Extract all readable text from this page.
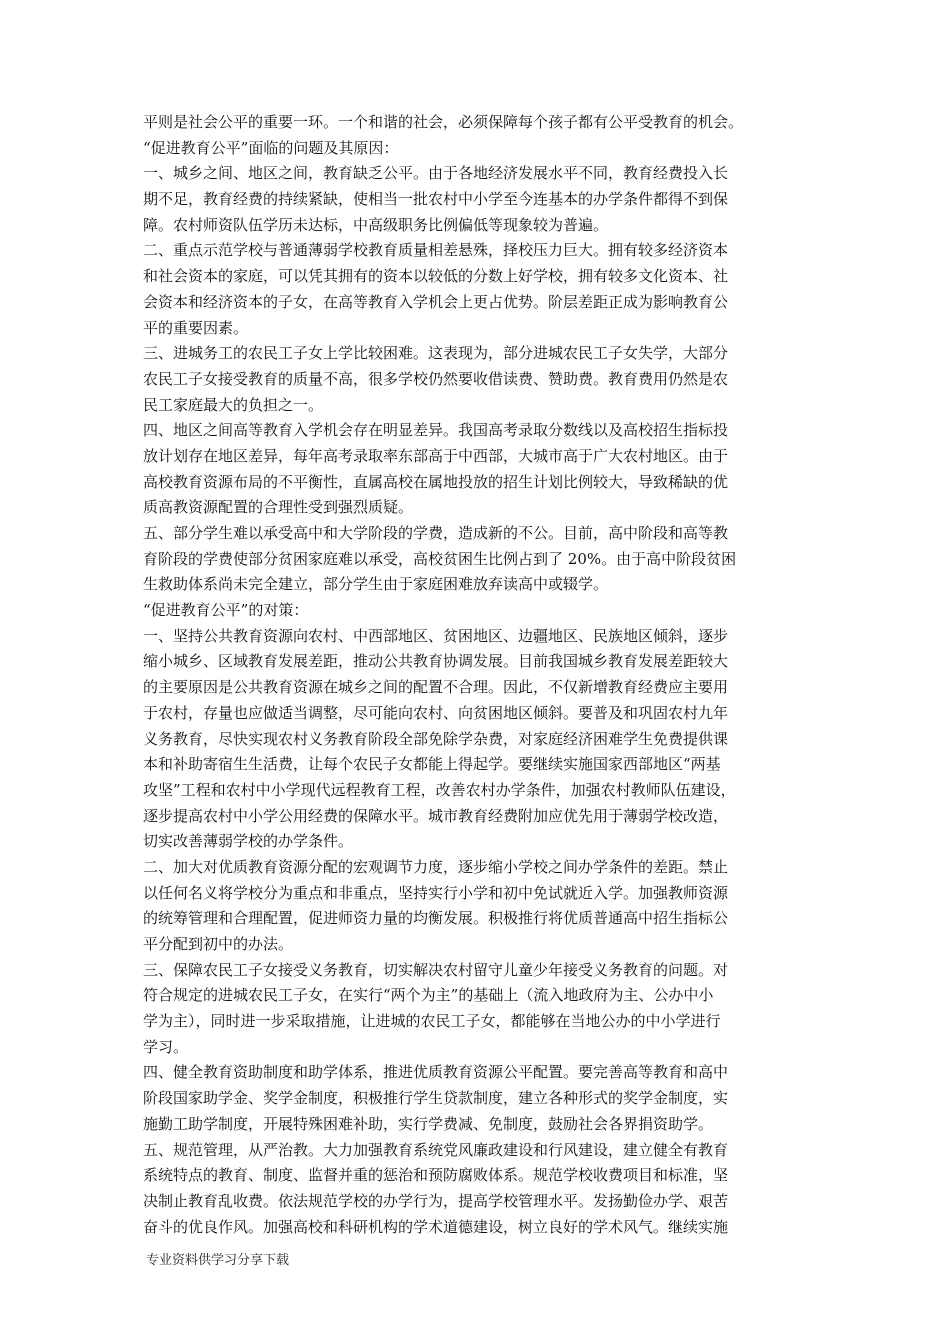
平则是社会公平的重要一环。一个和谐的社会，必须保障每个孩子都有公平受教育的机会。
“促进教育公平”面临的问题及其原因：
一、城乡之间、地区之间，教育缺乏公平。由于各地经济发展水平不同，教育经费投入长
期不足，教育经费的持续紧缺，使相当一批农村中小学至今连基本的办学条件都得不到保
障。农村师资队伍学历未达标，中高级职务比例偏低等现象较为普遍。
二、重点示范学校与普通薄弱学校教育质量相差悬殊，择校压力巨大。拥有较多经济资本
和社会资本的家庭，可以凭其拥有的资本以较低的分数上好学校，拥有较多文化资本、社
会资本和经济资本的子女，在高等教育入学机会上更占优势。阶层差距正成为影响教育公
平的重要因素。
三、进城务工的农民工子女上学比较困难。这表现为，部分进城农民工子女失学，大部分
农民工子女接受教育的质量不高，很多学校仍然要收借读费、赞助费。教育费用仍然是农
民工家庭最大的负担之一。
四、地区之间高等教育入学机会存在明显差异。我国高考录取分数线以及高校招生指标投
放计划存在地区差异，每年高考录取率东部高于中西部，大城市高于广大农村地区。由于
高校教育资源布局的不平衡性，直属高校在属地投放的招生计划比例较大，导致稀缺的优
质高教资源配置的合理性受到强烈质疑。
五、部分学生难以承受高中和大学阶段的学费，造成新的不公。目前，高中阶段和高等教
育阶段的学费使部分贫困家庭难以承受，高校贫困生比例占到了 20%。由于高中阶段贫困
生救助体系尚未完全建立，部分学生由于家庭困难放弃读高中或辍学。
“促进教育公平”的对策：
一、坚持公共教育资源向农村、中西部地区、贫困地区、边疆地区、民族地区倾斜，逐步
缩小城乡、区域教育发展差距，推动公共教育协调发展。目前我国城乡教育发展差距较大
的主要原因是公共教育资源在城乡之间的配置不合理。因此，不仅新增教育经费应主要用
于农村，存量也应做适当调整，尽可能向农村、向贫困地区倾斜。要普及和巩固农村九年
义务教育，尽快实现农村义务教育阶段全部免除学杂费，对家庭经济困难学生免费提供课
本和补助寄宿生生活费，让每个农民子女都能上得起学。要继续实施国家西部地区“两基
攻坚”工程和农村中小学现代远程教育工程，改善农村办学条件，加强农村教师队伍建设，
逐步提高农村中小学公用经费的保障水平。城市教育经费附加应优先用于薄弱学校改造，
切实改善薄弱学校的办学条件。
二、加大对优质教育资源分配的宏观调节力度，逐步缩小学校之间办学条件的差距。禁止
以任何名义将学校分为重点和非重点，坚持实行小学和初中免试就近入学。加强教师资源
的统筹管理和合理配置，促进师资力量的均衡发展。积极推行将优质普通高中招生指标公
平分配到初中的办法。
三、保障农民工子女接受义务教育，切实解决农村留守儿童少年接受义务教育的问题。对
符合规定的进城农民工子女，在实行“两个为主”的基础上（流入地政府为主、公办中小
学为主），同时进一步采取措施，让进城的农民工子女，都能够在当地公办的中小学进行
学习。
四、健全教育资助制度和助学体系，推进优质教育资源公平配置。要完善高等教育和高中
阶段国家助学金、奖学金制度，积极推行学生贷款制度，建立各种形式的奖学金制度，实
施勤工助学制度，开展特殊困难补助，实行学费减、免制度，鼓励社会各界捐资助学。
五、规范管理，从严治教。大力加强教育系统党风廉政建设和行风建设，建立健全有教育
系统特点的教育、制度、监督并重的惩治和预防腐败体系。规范学校收费项目和标准，坚
决制止教育乱收费。依法规范学校的办学行为，提高学校管理水平。发扬勤俭办学、艰苦
奋斗的优良作风。加强高校和科研机构的学术道德建设，树立良好的学术风气。继续实施
专业资料供学习分享下载
